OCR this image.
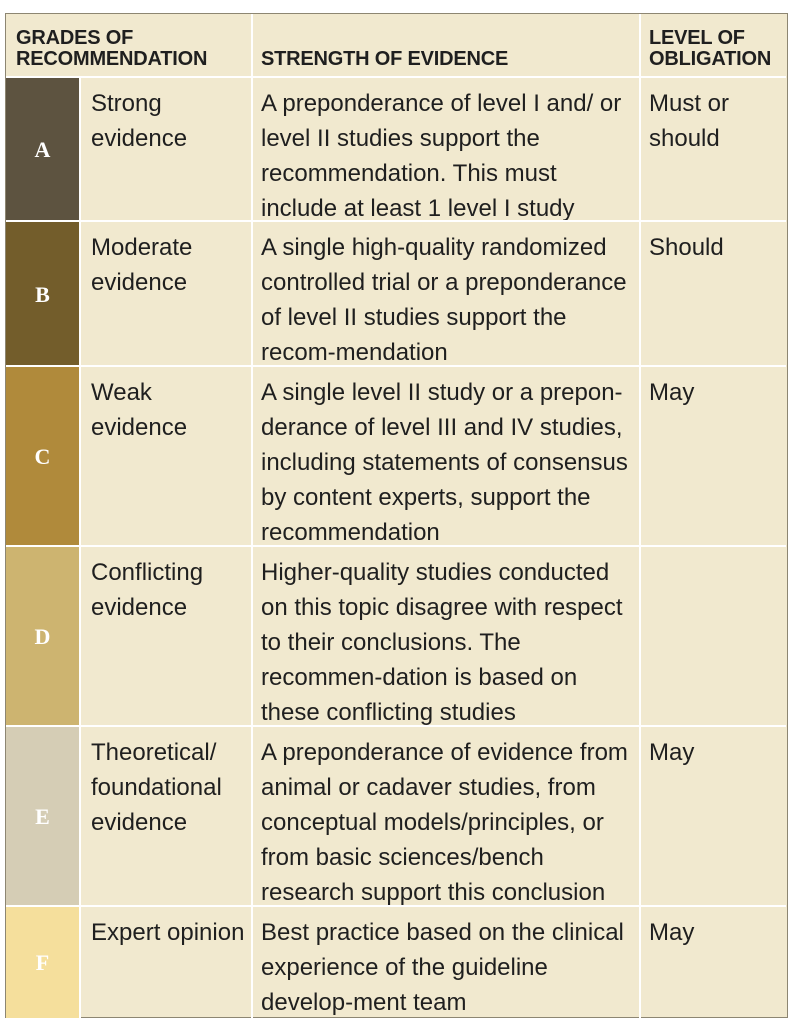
GRADES OF
RECOMMENDATION	STRENGTH OF EVIDENCE
LEVEL OF
OBLIGATION
A
Strong evidence
A preponderance of level I and/ or level II studies support the recommendation. This must include at least 1 level I study
Must or should
B
Moderate evidence
A single high-quality randomized controlled trial or a preponderance of level II studies support the recom-mendation
Should
C
Weak evidence
A single level II study or a prepon-derance of level III and IV studies, including statements of consensus by content experts, support the recommendation
May
D
Conflicting evidence
Higher-quality studies conducted on this topic disagree with respect to their conclusions. The recommen-dation is based on these conflicting studies
E
Theoretical/ foundational evidence
A preponderance of evidence from animal or cadaver studies, from conceptual models/principles, or from basic sciences/bench research support this conclusion
May
F
Expert opinion Best practice based on the clinical experience of the guideline develop-ment team
May
